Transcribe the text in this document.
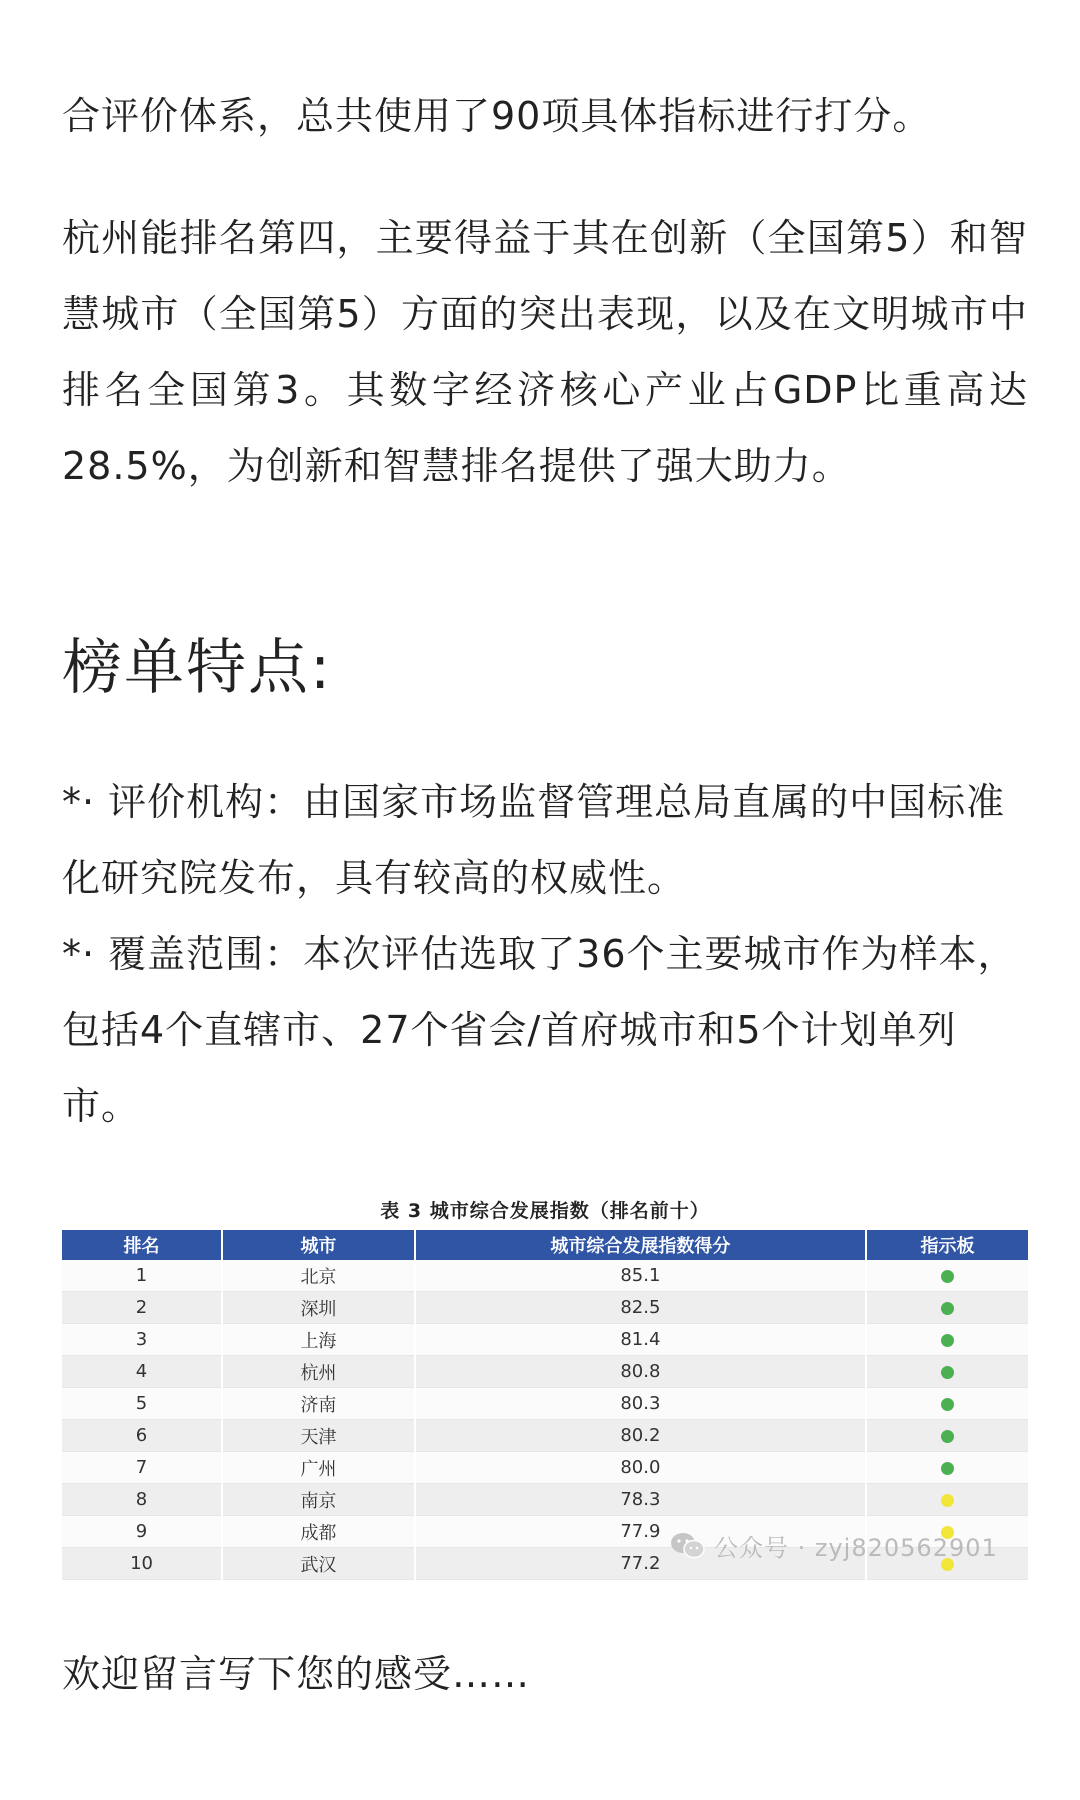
合评价体系，总共使用了90项具体指标进行打分。

杭州能排名第四，主要得益于其在创新（全国第5）和智慧城市（全国第5）方面的突出表现，以及在文明城市中排名全国第3。其数字经济核心产业占GDP比重高达28.5%，为创新和智慧排名提供了强大助力。

榜单特点:

*· 评价机构：由国家市场监督管理总局直属的中国标准化研究院发布，具有较高的权威性。

*· 覆盖范围：本次评估选取了36个主要城市作为样本，包括4个直辖市、27个省会/首府城市和5个计划单列市。

表 3 城市综合发展指数（排名前十）
排名	城市	城市综合发展指数得分	指示板
1	北京	85.1	
2	深圳	82.5	
3	上海	81.4	
4	杭州	80.8	
5	济南	80.3	
6	天津	80.2	
7	广州	80.0	
8	南京	78.3	
9	成都	77.9	
10	武汉	77.2	
公众号 · zyj820562901

欢迎留言写下您的感受……
